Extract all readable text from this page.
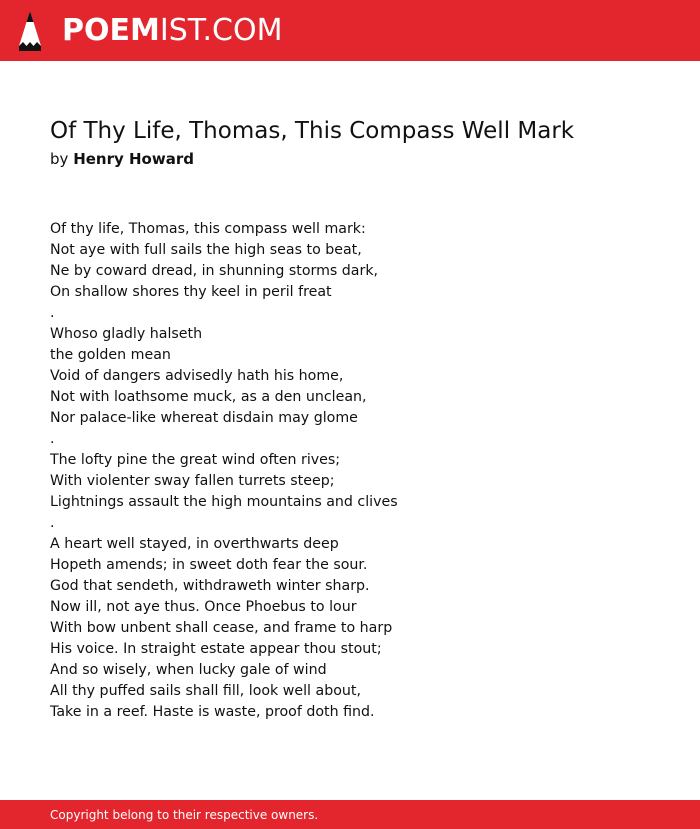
POEMIST.COM
Of Thy Life, Thomas, This Compass Well Mark
by Henry Howard
Of thy life, Thomas, this compass well mark:
Not aye with full sails the high seas to beat,
Ne by coward dread, in shunning storms dark,
On shallow shores thy keel in peril freat
.
Whoso gladly halseth
the golden mean
Void of dangers advisedly hath his home,
Not with loathsome muck, as a den unclean,
Nor palace-like whereat disdain may glome
.
The lofty pine the great wind often rives;
With violenter sway fallen turrets steep;
Lightnings assault the high mountains and clives
.
A heart well stayed, in overthwarts deep
Hopeth amends; in sweet doth fear the sour.
God that sendeth, withdraweth winter sharp.
Now ill, not aye thus. Once Phoebus to lour
With bow unbent shall cease, and frame to harp
His voice. In straight estate appear thou stout;
And so wisely, when lucky gale of wind
All thy puffed sails shall fill, look well about,
Take in a reef. Haste is waste, proof doth find.
Copyright belong to their respective owners.
